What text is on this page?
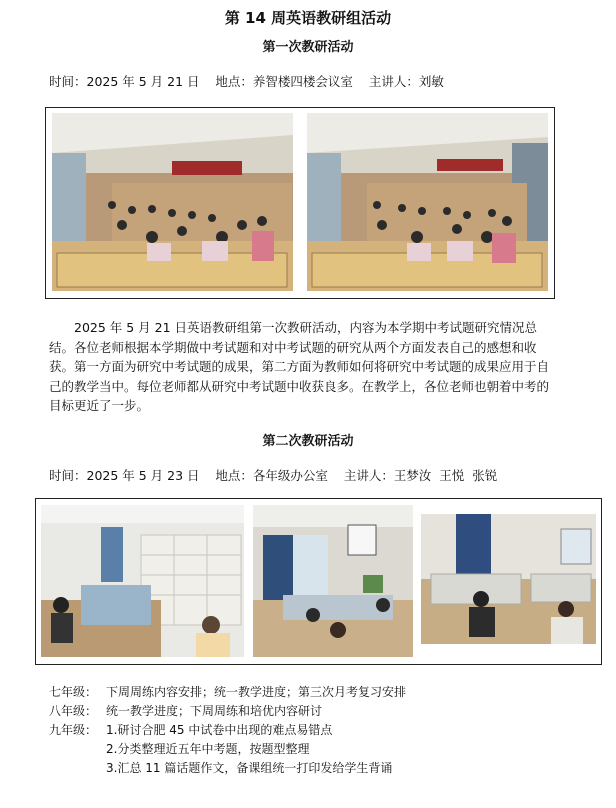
第 14 周英语教研组活动
第一次教研活动
时间：2025 年 5 月 21 日    地点：养智楼四楼会议室    主讲人：刘敏
2025 年 5 月 21 日英语教研组第一次教研活动，内容为本学期中考试题研究情况总结。各位老师根据本学期做中考试题和对中考试题的研究从两个方面发表自己的感想和收获。第一方面为研究中考试题的成果，第二方面为教师如何将研究中考试题的成果应用于自己的教学当中。每位老师都从研究中考试题中收获良多。在教学上，各位老师也朝着中考的目标更近了一步。
第二次教研活动
时间：2025 年 5 月 23 日    地点：各年级办公室    主讲人：王梦汝  王悦  张锐
七年级： 下周周练内容安排；统一教学进度；第三次月考复习安排
八年级： 统一教学进度；下周周练和培优内容研讨
九年级： 1.研讨合肥 45 中试卷中出现的难点易错点
2.分类整理近五年中考题，按题型整理
3.汇总 11 篇话题作文，备课组统一打印发给学生背诵
